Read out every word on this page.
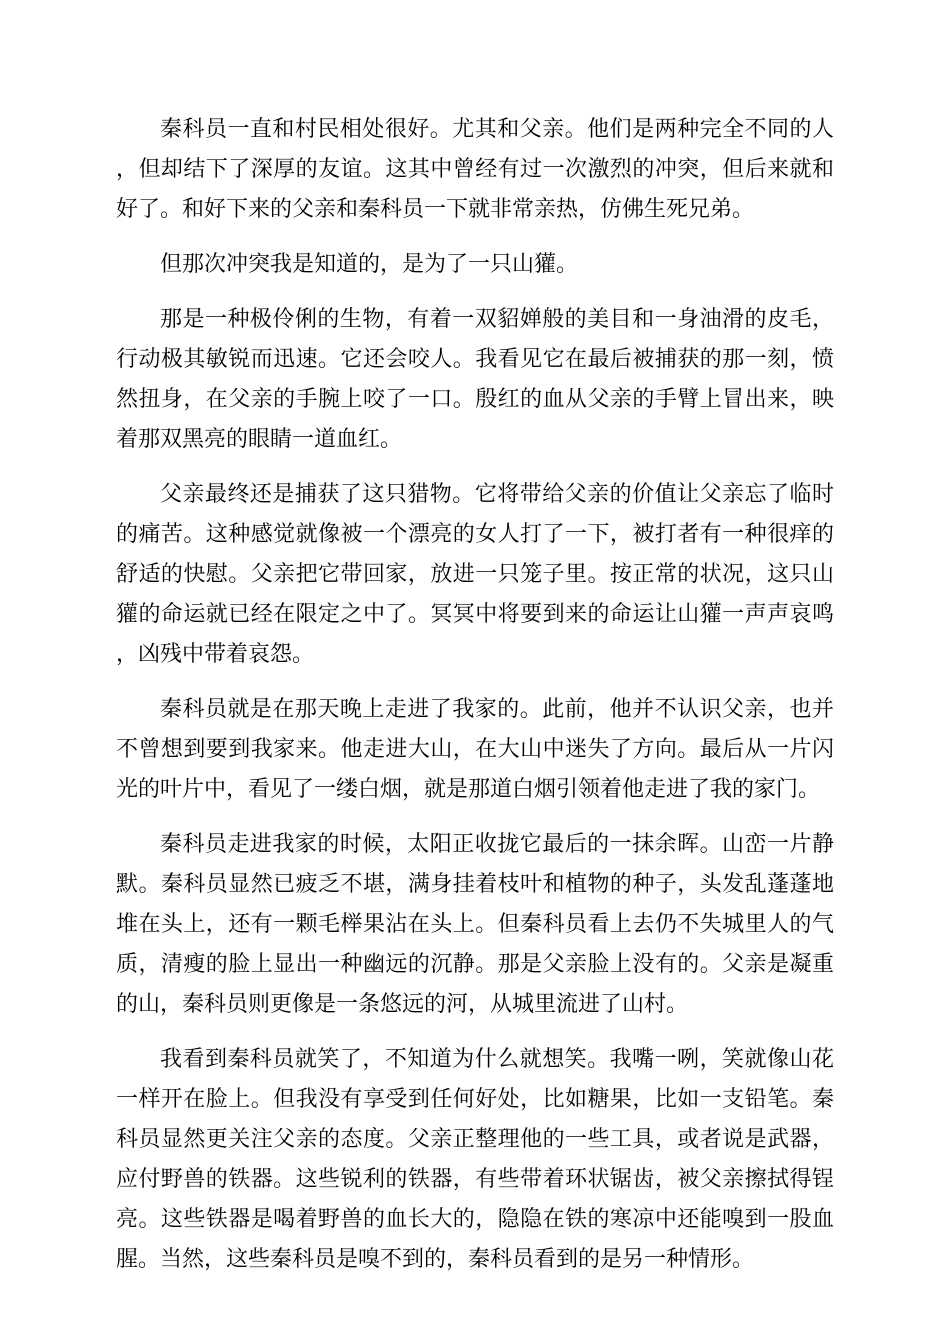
秦科员一直和村民相处很好。尤其和父亲。他们是两种完全不同的人，但却结下了深厚的友谊。这其中曾经有过一次激烈的冲突，但后来就和好了。和好下来的父亲和秦科员一下就非常亲热，仿佛生死兄弟。

但那次冲突我是知道的，是为了一只山獾。

那是一种极伶俐的生物，有着一双貂婵般的美目和一身油滑的皮毛，行动极其敏锐而迅速。它还会咬人。我看见它在最后被捕获的那一刻，愤然扭身，在父亲的手腕上咬了一口。殷红的血从父亲的手臂上冒出来，映着那双黑亮的眼睛一道血红。

父亲最终还是捕获了这只猎物。它将带给父亲的价值让父亲忘了临时的痛苦。这种感觉就像被一个漂亮的女人打了一下，被打者有一种很痒的舒适的快慰。父亲把它带回家，放进一只笼子里。按正常的状况，这只山獾的命运就已经在限定之中了。冥冥中将要到来的命运让山獾一声声哀鸣，凶残中带着哀怨。

秦科员就是在那天晚上走进了我家的。此前，他并不认识父亲，也并不曾想到要到我家来。他走进大山，在大山中迷失了方向。最后从一片闪光的叶片中，看见了一缕白烟，就是那道白烟引领着他走进了我的家门。

秦科员走进我家的时候，太阳正收拢它最后的一抹余晖。山峦一片静默。秦科员显然已疲乏不堪，满身挂着枝叶和植物的种子，头发乱蓬蓬地堆在头上，还有一颗毛榉果沾在头上。但秦科员看上去仍不失城里人的气质，清瘦的脸上显出一种幽远的沉静。那是父亲脸上没有的。父亲是凝重的山，秦科员则更像是一条悠远的河，从城里流进了山村。

我看到秦科员就笑了，不知道为什么就想笑。我嘴一咧，笑就像山花一样开在脸上。但我没有享受到任何好处，比如糖果，比如一支铅笔。秦科员显然更关注父亲的态度。父亲正整理他的一些工具，或者说是武器，应付野兽的铁器。这些锐利的铁器，有些带着环状锯齿，被父亲擦拭得锃亮。这些铁器是喝着野兽的血长大的，隐隐在铁的寒凉中还能嗅到一股血腥。当然，这些秦科员是嗅不到的，秦科员看到的是另一种情形。
